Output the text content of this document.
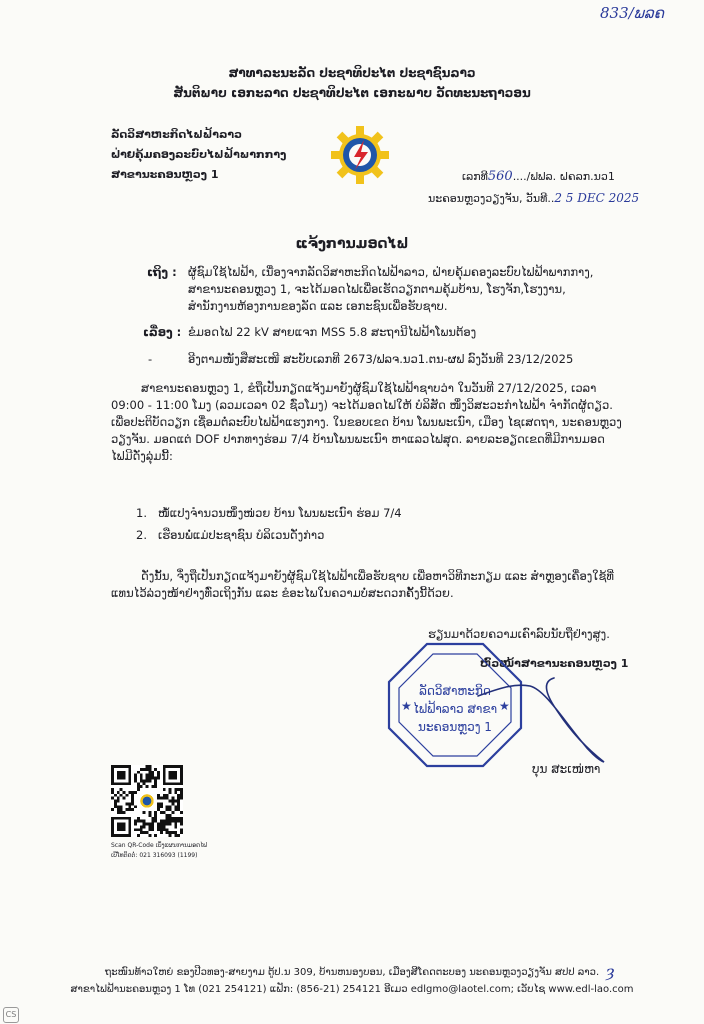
833/ພລຄ
ສາທາລະນະລັດ ປະຊາທິປະໄຕ ປະຊາຊົນລາວ
ສັນຕິພາບ ເອກະລາດ ປະຊາທິປະໄຕ ເອກະພາບ ວັດທະນະຖາວອນ
ລັດວິສາຫະກິດໄຟຟ້າລາວ
ຝ່າຍຄຸ້ມຄອງລະບົບໄຟຟ້າພາກກາງ
ສາຂານະຄອນຫຼວງ 1	ເລກທີ560..../ຟຟລ. ຝຄລກ.ນວ1
ນະຄອນຫຼວງວຽງຈັນ, ວັນທີ..2 5 DEC 2025
ແຈ້ງການມອດໄຟ
ເຖິງ : ຜູ້ຊົມໃຊ້ໄຟຟ້າ, ເນື່ອງຈາກລັດວິສາຫະກິດໄຟຟ້າລາວ, ຝ່າຍຄຸ້ມຄອງລະບົບໄຟຟ້າພາກກາງ,
ສາຂານະຄອນຫຼວງ 1, ຈະໄດ້ມອດໄຟເພື່ອເຮັດວຽກຕາມຄຸ້ມບ້ານ, ໂຮງຈັກ,ໂຮງງານ,
ສຳນັກງານຫ້ອງການຂອງລັດ ແລະ ເອກະຊົນເພື່ອຮັບຊາບ.
ເລື່ອງ : ຂໍມອດໄຟ 22 kV ສາຍແຈກ MSS 5.8 ສະຖານີໄຟຟ້າໂພນຕ້ອງ
-	ອີງຕາມໜັງສືສະເໜີ ສະບັບເລກທີ 2673/ຟລຈ.ນວ1.ຕນ-ຜຟ ລົງວັນທີ 23/12/2025
ສາຂານະຄອນຫຼວງ 1, ຂໍຖືເປັນກຽດແຈ້ງມາຍັງຜູ້ຊົມໃຊ້ໄຟຟ້າຊາບວ່າ ໃນວັນທີ 27/12/2025, ເວລາ
09:00 - 11:00 ໂມງ (ລວມເວລາ 02 ຊົ່ວໂມງ) ຈະໄດ້ມອດໄຟໃຫ້ ບໍລິສັດ ໜຶ່ງວິສະວະກຳໄຟຟ້າ ຈຳກັດຜູ້ດຽວ.
ເພື່ອປະຕິບັດວຽກ ເຊື່ອມຕໍ່ລະບົບໄຟຟ້າແຮງກາງ. ໃນຂອບເຂດ ບ້ານ ໂພນພະເນົາ, ເມືອງ ໄຊເສດຖາ, ນະຄອນຫຼວງ
ວຽງຈັນ. ມອດແຕ່ DOF ປາກທາງຮ່ອມ 7/4 ບ້ານໂພນພະເນົາ ຫາແລວໄຟສຸດ. ລາຍລະອຽດເຂດທີ່ມີການມອດ
ໄຟມີດັ່ງລຸ່ມນີ້:
1. ໜໍ້ແປງຈຳນວນໜຶ່ງໜ່ວຍ ບ້ານ ໂພນພະເນົາ ຮ່ອມ 7/4
2. ເຮືອນພໍ່ແມ່ປະຊາຊົນ ບໍລິເວນດັ່ງກ່າວ
ດັ່ງນັ້ນ, ຈຶ່ງຖືເປັນກຽດແຈ້ງມາຍັງຜູ້ຊົມໃຊ້ໄຟຟ້າເພື່ອຮັບຊາບ ເພື່ອຫາວິທີກະກຽມ ແລະ ສຳຫຼອງເຄື່ອງໃຊ້ທີ່
ແທນໄວ້ລ່ວງໜ້າຢ່າງທົ່ວເຖິງກັນ ແລະ ຂໍອະໄພໃນຄວາມບໍ່ສະດວກຄັ້ງນີ້ດ້ວຍ.
ຮຽນມາດ້ວຍຄວາມເຄົາລົບນັບຖືຢ່າງສູງ.
ຫົວໜ້າສາຂານະຄອນຫຼວງ 1
ລັດວິສາຫະກິດ
ໄຟຟ້າລາວ ສາຂາ
ນະຄອນຫຼວງ 1
★	★
ບຸນ ສະເໜ່ຫາ
Scan QR-Code ເບິ່ງແຜນການມອດໄຟ
ເບີໂທຕິດຕໍ່: 021 316093 (1199)
ຖະໜົນທ້າວໃຫຍ່ ຂອງປີວທອງ-ສາຍງາມ ຕູ້ປ.ນ 309, ບ້ານຫນອງບອນ, ເມືອງສີໂຄດຕະບອງ ນະຄອນຫຼວງວຽງຈັນ ສປປ ລາວ.
ສາຂາໄຟຟ້ານະຄອນຫຼວງ 1 ໂທ (021 254121) ແຟັກ: (856-21) 254121 ອີເມວ edlgmo@laotel.com; ເວັບໄຊ www.edl-lao.com
ȝ
CS
